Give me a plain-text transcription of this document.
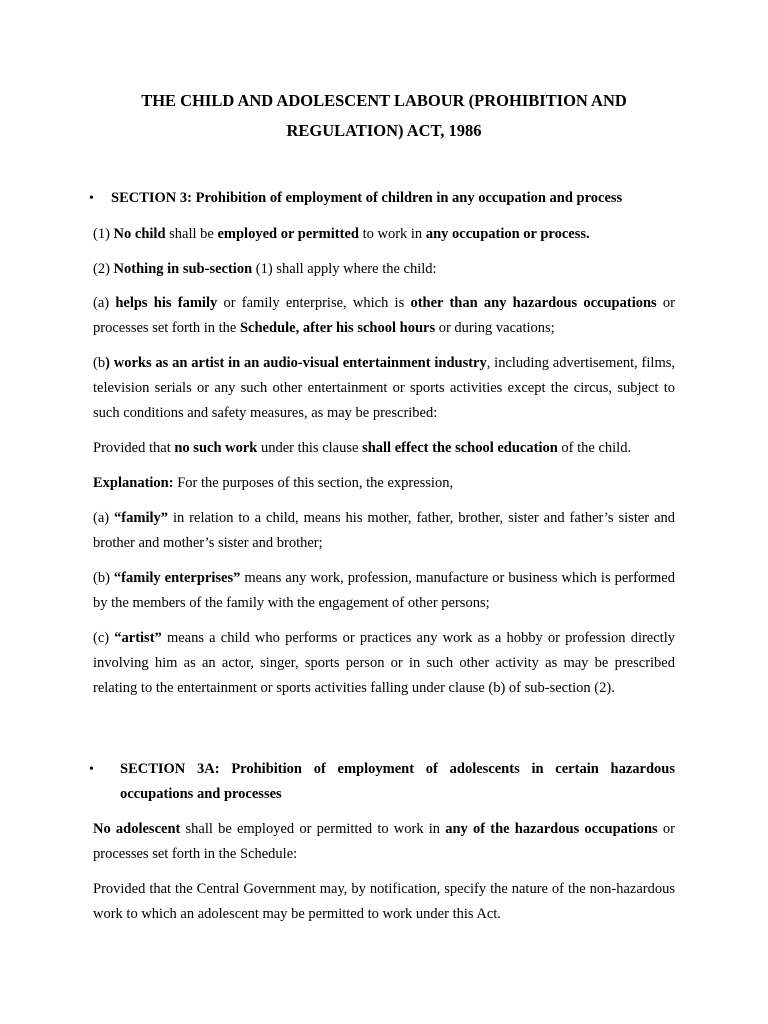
THE CHILD AND ADOLESCENT LABOUR (PROHIBITION AND REGULATION) ACT, 1986
• SECTION 3: Prohibition of employment of children in any occupation and process

(1) No child shall be employed or permitted to work in any occupation or process.

(2) Nothing in sub-section (1) shall apply where the child:

(a) helps his family or family enterprise, which is other than any hazardous occupations or processes set forth in the Schedule, after his school hours or during vacations;

(b) works as an artist in an audio-visual entertainment industry, including advertisement, films, television serials or any such other entertainment or sports activities except the circus, subject to such conditions and safety measures, as may be prescribed:

Provided that no such work under this clause shall effect the school education of the child.

Explanation: For the purposes of this section, the expression,

(a) “family” in relation to a child, means his mother, father, brother, sister and father’s sister and brother and mother’s sister and brother;

(b) “family enterprises” means any work, profession, manufacture or business which is performed by the members of the family with the engagement of other persons;

(c) “artist” means a child who performs or practices any work as a hobby or profession directly involving him as an actor, singer, sports person or in such other activity as may be prescribed relating to the entertainment or sports activities falling under clause (b) of sub-section (2).

• SECTION 3A: Prohibition of employment of adolescents in certain hazardous occupations and processes

No adolescent shall be employed or permitted to work in any of the hazardous occupations or processes set forth in the Schedule:

Provided that the Central Government may, by notification, specify the nature of the non-hazardous work to which an adolescent may be permitted to work under this Act.
